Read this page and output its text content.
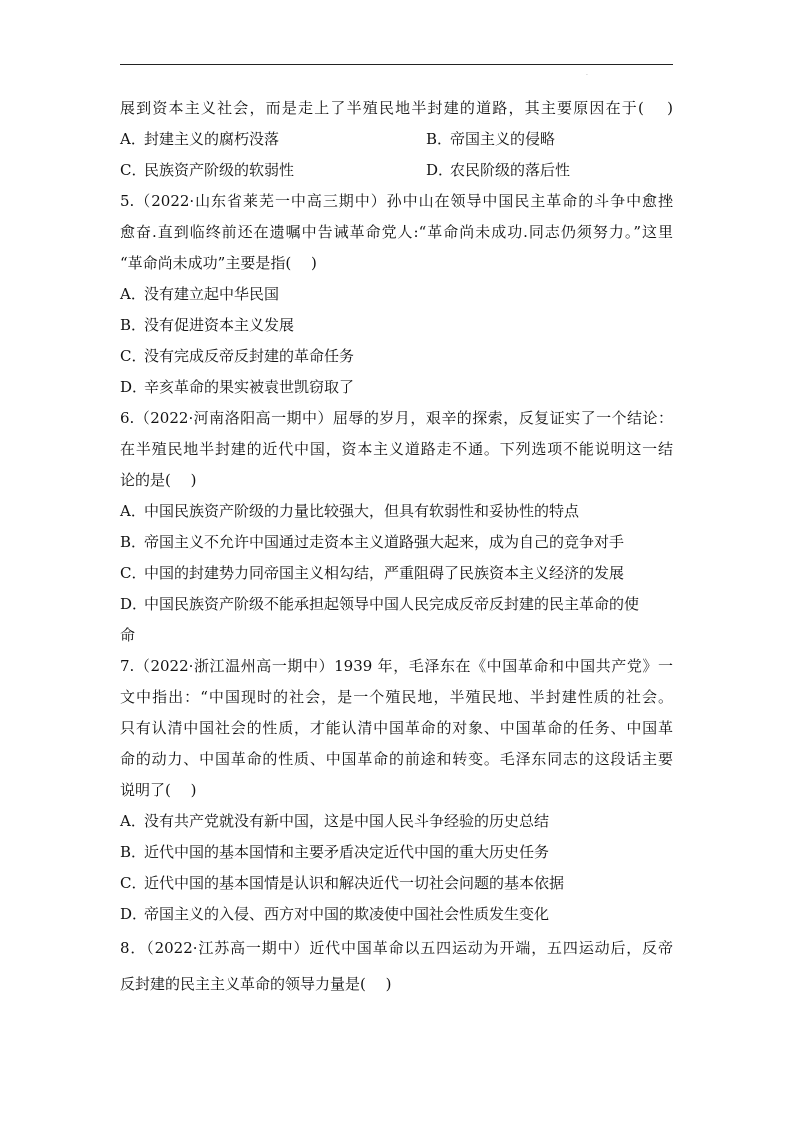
.
展到资本主义社会，而是走上了半殖民地半封建的道路，其主要原因在于(　 )
A．封建主义的腐朽没落	B．帝国主义的侵略
C．民族资产阶级的软弱性	D．农民阶级的落后性
5.（2022·山东省莱芜一中高三期中）孙中山在领导中国民主革命的斗争中愈挫
愈奋.直到临终前还在遗嘱中告诫革命党人:“革命尚未成功.同志仍须努力。”这里
“革命尚未成功”主要是指(　 )
A．没有建立起中华民国
B．没有促进资本主义发展
C．没有完成反帝反封建的革命任务
D．辛亥革命的果实被袁世凯窃取了
6.（2022·河南洛阳高一期中）屈辱的岁月，艰辛的探索，反复证实了一个结论：
在半殖民地半封建的近代中国，资本主义道路走不通。下列选项不能说明这一结
论的是(　 )
A．中国民族资产阶级的力量比较强大，但具有软弱性和妥协性的特点
B．帝国主义不允许中国通过走资本主义道路强大起来，成为自己的竞争对手
C．中国的封建势力同帝国主义相勾结，严重阻碍了民族资本主义经济的发展
D．中国民族资产阶级不能承担起领导中国人民完成反帝反封建的民主革命的使
命
7.（2022·浙江温州高一期中）1939 年，毛泽东在《中国革命和中国共产党》一
文中指出：“中国现时的社会，是一个殖民地，半殖民地、半封建性质的社会。
只有认清中国社会的性质，才能认清中国革命的对象、中国革命的任务、中国革
命的动力、中国革命的性质、中国革命的前途和转变。毛泽东同志的这段话主要
说明了(　 )
A．没有共产党就没有新中国，这是中国人民斗争经验的历史总结
B．近代中国的基本国情和主要矛盾决定近代中国的重大历史任务
C．近代中国的基本国情是认识和解决近代一切社会问题的基本依据
D．帝国主义的入侵、西方对中国的欺凌使中国社会性质发生变化
8．（2022·江苏高一期中）近代中国革命以五四运动为开端，五四运动后，反帝
反封建的民主主义革命的领导力量是(　 )
